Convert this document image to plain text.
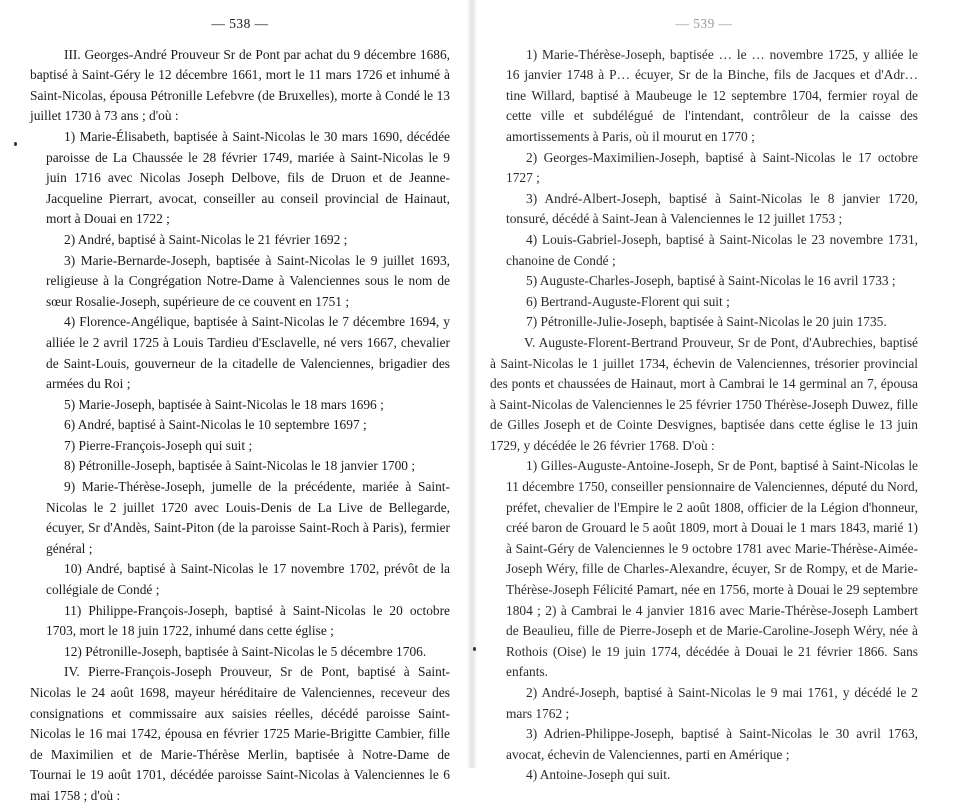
— 538 —

III. Georges-André Prouveur Sr de Pont par achat du 9 décembre 1686, baptisé à Saint-Géry le 12 décembre 1661, mort le 11 mars 1726 et inhumé à Saint-Nicolas, épousa Pétronille Lefebvre (de Bruxelles), morte à Condé le 13 juillet 1730 à 73 ans ; d'où :

1) Marie-Élisabeth, baptisée à Saint-Nicolas le 30 mars 1690, décédée paroisse de La Chaussée le 28 février 1749, mariée à Saint-Nicolas le 9 juin 1716 avec Nicolas Joseph Delbove, fils de Druon et de Jeanne-Jacqueline Pierrart, avocat, conseiller au conseil provincial de Hainaut, mort à Douai en 1722 ;

2) André, baptisé à Saint-Nicolas le 21 février 1692 ;

3) Marie-Bernarde-Joseph, baptisée à Saint-Nicolas le 9 juillet 1693, religieuse à la Congrégation Notre-Dame à Valenciennes sous le nom de sœur Rosalie-Joseph, supérieure de ce couvent en 1751 ;

4) Florence-Angélique, baptisée à Saint-Nicolas le 7 décembre 1694, y alliée le 2 avril 1725 à Louis Tardieu d'Esclavelle, né vers 1667, chevalier de Saint-Louis, gouverneur de la citadelle de Valenciennes, brigadier des armées du Roi ;

5) Marie-Joseph, baptisée à Saint-Nicolas le 18 mars 1696 ;

6) André, baptisé à Saint-Nicolas le 10 septembre 1697 ;

7) Pierre-François-Joseph qui suit ;

8) Pétronille-Joseph, baptisée à Saint-Nicolas le 18 janvier 1700 ;

9) Marie-Thérèse-Joseph, jumelle de la précédente, mariée à Saint-Nicolas le 2 juillet 1720 avec Louis-Denis de La Live de Bellegarde, écuyer, Sr d'Andès, Saint-Piton (de la paroisse Saint-Roch à Paris), fermier général ;

10) André, baptisé à Saint-Nicolas le 17 novembre 1702, prévôt de la collégiale de Condé ;

11) Philippe-François-Joseph, baptisé à Saint-Nicolas le 20 octobre 1703, mort le 18 juin 1722, inhumé dans cette église ;

12) Pétronille-Joseph, baptisée à Saint-Nicolas le 5 décembre 1706.

IV. Pierre-François-Joseph Prouveur, Sr de Pont, baptisé à Saint-Nicolas le 24 août 1698, mayeur héréditaire de Valenciennes, receveur des consignations et commissaire aux saisies réelles, décédé paroisse Saint-Nicolas le 16 mai 1742, épousa en février 1725 Marie-Brigitte Cambier, fille de Maximilien et de Marie-Thérèse Merlin, baptisée à Notre-Dame de Tournai le 19 août 1701, décédée paroisse Saint-Nicolas à Valenciennes le 6 mai 1758 ; d'où :

— 539 —

1) Marie-Thérèse-Joseph, baptisée … le … novembre 1725, y alliée le 16 janvier 1748 à P… écuyer, Sr de la Binche, fils de Jacques et d'Adr… tine Willard, baptisé à Maubeuge le 12 septembre 1704, fermier royal de cette ville et subdélégué de l'intendant, contrôleur de la caisse des amortissements à Paris, où il mourut en 1770 ;

2) Georges-Maximilien-Joseph, baptisé à Saint-Nicolas le 17 octobre 1727 ;

3) André-Albert-Joseph, baptisé à Saint-Nicolas le 8 janvier 1720, tonsuré, décédé à Saint-Jean à Valenciennes le 12 juillet 1753 ;

4) Louis-Gabriel-Joseph, baptisé à Saint-Nicolas le 23 novembre 1731, chanoine de Condé ;

5) Auguste-Charles-Joseph, baptisé à Saint-Nicolas le 16 avril 1733 ;

6) Bertrand-Auguste-Florent qui suit ;

7) Pétronille-Julie-Joseph, baptisée à Saint-Nicolas le 20 juin 1735.

V. Auguste-Florent-Bertrand Prouveur, Sr de Pont, d'Aubrechies, baptisé à Saint-Nicolas le 1 juillet 1734, échevin de Valenciennes, trésorier provincial des ponts et chaussées de Hainaut, mort à Cambrai le 14 germinal an 7, épousa à Saint-Nicolas de Valenciennes le 25 février 1750 Thérèse-Joseph Duwez, fille de Gilles Joseph et de Cointe Desvignes, baptisée dans cette église le 13 juin 1729, y décédée le 26 février 1768. D'où :

1) Gilles-Auguste-Antoine-Joseph, Sr de Pont, baptisé à Saint-Nicolas le 11 décembre 1750, conseiller pensionnaire de Valenciennes, député du Nord, préfet, chevalier de l'Empire le 2 août 1808, officier de la Légion d'honneur, créé baron de Grouard le 5 août 1809, mort à Douai le 1 mars 1843, marié 1) à Saint-Géry de Valenciennes le 9 octobre 1781 avec Marie-Thérèse-Aimée-Joseph Wéry, fille de Charles-Alexandre, écuyer, Sr de Rompy, et de Marie-Thérèse-Joseph Félicité Pamart, née en 1756, morte à Douai le 29 septembre 1804 ; 2) à Cambrai le 4 janvier 1816 avec Marie-Thérèse-Joseph Lambert de Beaulieu, fille de Pierre-Joseph et de Marie-Caroline-Joseph Wéry, née à Rothois (Oise) le 19 juin 1774, décédée à Douai le 21 février 1866. Sans enfants.

2) André-Joseph, baptisé à Saint-Nicolas le 9 mai 1761, y décédé le 2 mars 1762 ;

3) Adrien-Philippe-Joseph, baptisé à Saint-Nicolas le 30 avril 1763, avocat, échevin de Valenciennes, parti en Amérique ;

4) Antoine-Joseph qui suit.
